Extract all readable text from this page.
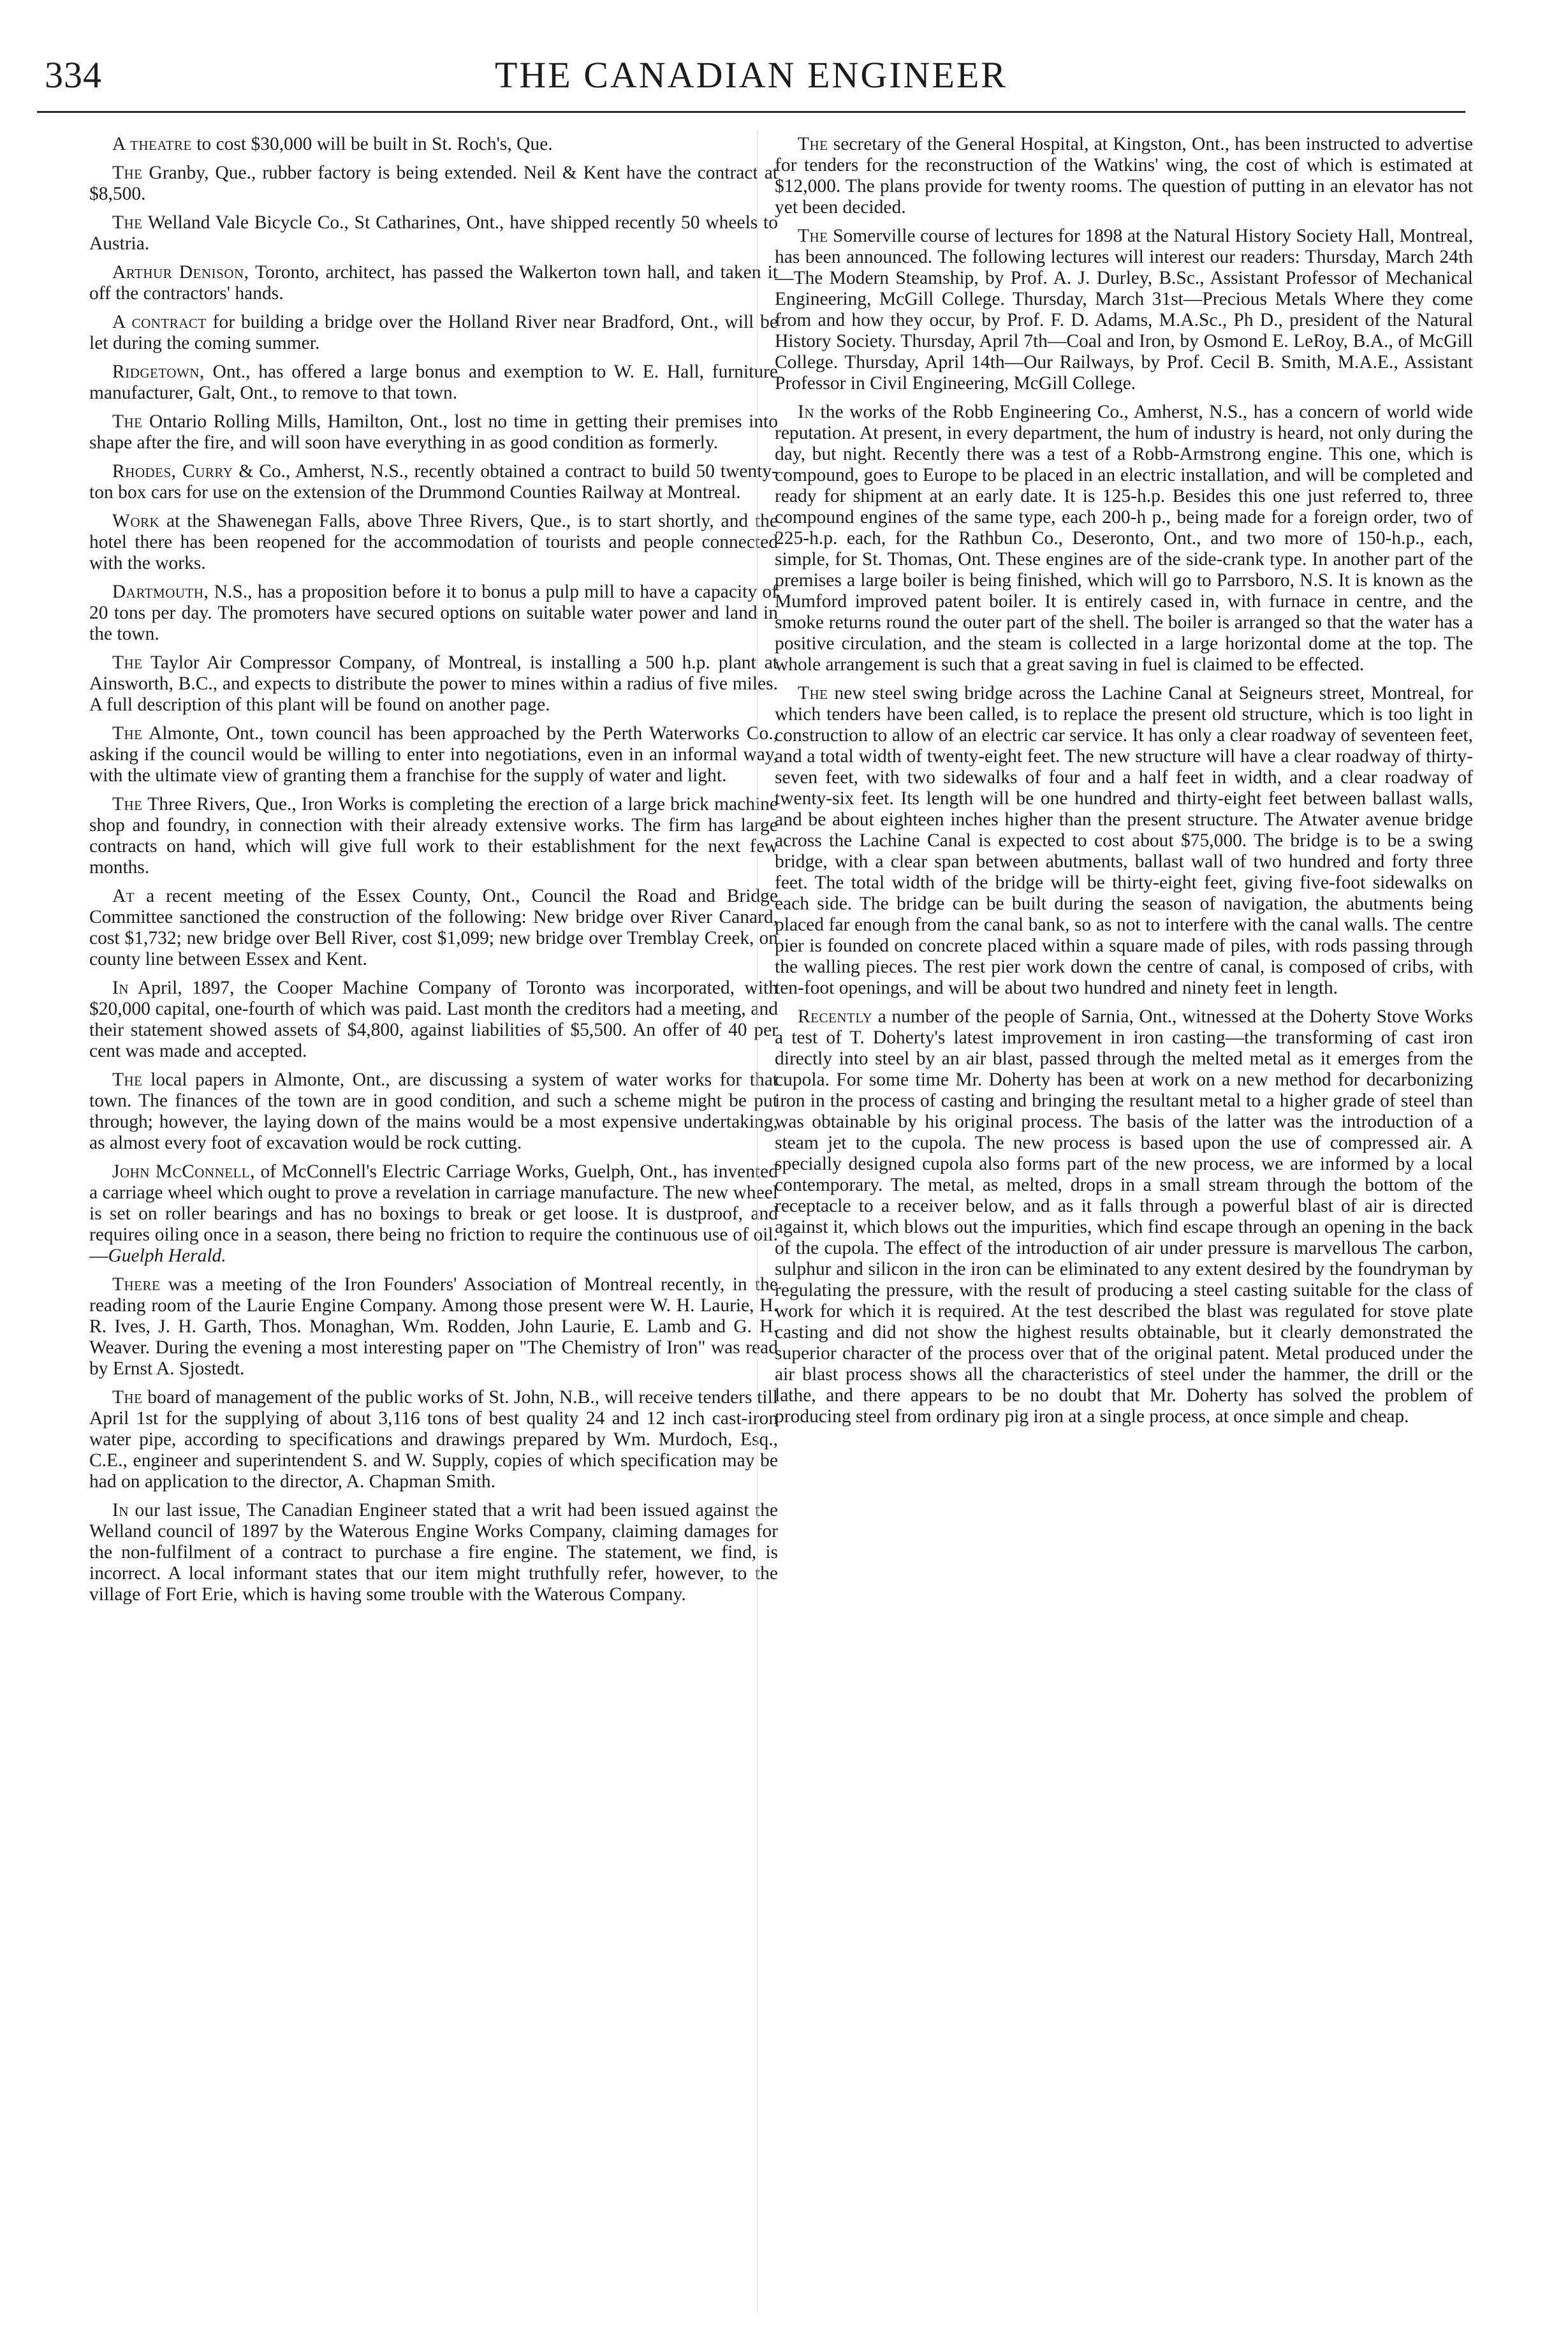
334	THE CANADIAN ENGINEER

A theatre to cost $30,000 will be built in St. Roch's, Que.

The Granby, Que., rubber factory is being extended. Neil & Kent have the contract at $8,500.

The Welland Vale Bicycle Co., St Catharines, Ont., have shipped recently 50 wheels to Austria.

Arthur Denison, Toronto, architect, has passed the Walkerton town hall, and taken it off the contractors' hands.

A contract for building a bridge over the Holland River near Bradford, Ont., will be let during the coming summer.

Ridgetown, Ont., has offered a large bonus and exemption to W. E. Hall, furniture manufacturer, Galt, Ont., to remove to that town.

The Ontario Rolling Mills, Hamilton, Ont., lost no time in getting their premises into shape after the fire, and will soon have everything in as good condition as formerly.

Rhodes, Curry & Co., Amherst, N.S., recently obtained a contract to build 50 twenty-ton box cars for use on the extension of the Drummond Counties Railway at Montreal.

Work at the Shawenegan Falls, above Three Rivers, Que., is to start shortly, and the hotel there has been reopened for the accommodation of tourists and people connected with the works.

Dartmouth, N.S., has a proposition before it to bonus a pulp mill to have a capacity of 20 tons per day. The promoters have secured options on suitable water power and land in the town.

The Taylor Air Compressor Company, of Montreal, is installing a 500 h.p. plant at Ainsworth, B.C., and expects to distribute the power to mines within a radius of five miles. A full description of this plant will be found on another page.

The Almonte, Ont., town council has been approached by the Perth Waterworks Co., asking if the council would be willing to enter into negotiations, even in an informal way, with the ultimate view of granting them a franchise for the supply of water and light.

The Three Rivers, Que., Iron Works is completing the erection of a large brick machine shop and foundry, in connection with their already extensive works. The firm has large contracts on hand, which will give full work to their establishment for the next few months.

At a recent meeting of the Essex County, Ont., Council the Road and Bridge Committee sanctioned the construction of the following: New bridge over River Canard, cost $1,732; new bridge over Bell River, cost $1,099; new bridge over Tremblay Creek, on county line between Essex and Kent.

In April, 1897, the Cooper Machine Company of Toronto was incorporated, with $20,000 capital, one-fourth of which was paid. Last month the creditors had a meeting, and their statement showed assets of $4,800, against liabilities of $5,500. An offer of 40 per cent was made and accepted.

The local papers in Almonte, Ont., are discussing a system of water works for that town. The finances of the town are in good condition, and such a scheme might be put through; however, the laying down of the mains would be a most expensive undertaking, as almost every foot of excavation would be rock cutting.

John McConnell, of McConnell's Electric Carriage Works, Guelph, Ont., has invented a carriage wheel which ought to prove a revelation in carriage manufacture. The new wheel is set on roller bearings and has no boxings to break or get loose. It is dustproof, and requires oiling once in a season, there being no friction to require the continuous use of oil.—Guelph Herald.

There was a meeting of the Iron Founders' Association of Montreal recently, in the reading room of the Laurie Engine Company. Among those present were W. H. Laurie, H. R. Ives, J. H. Garth, Thos. Monaghan, Wm. Rodden, John Laurie, E. Lamb and G. H. Weaver. During the evening a most interesting paper on "The Chemistry of Iron" was read by Ernst A. Sjostedt.

The board of management of the public works of St. John, N.B., will receive tenders till April 1st for the supplying of about 3,116 tons of best quality 24 and 12 inch cast-iron water pipe, according to specifications and drawings prepared by Wm. Murdoch, Esq., C.E., engineer and superintendent S. and W. Supply, copies of which specification may be had on application to the director, A. Chapman Smith.

In our last issue, The Canadian Engineer stated that a writ had been issued against the Welland council of 1897 by the Waterous Engine Works Company, claiming damages for the non-fulfilment of a contract to purchase a fire engine. The statement, we find, is incorrect. A local informant states that our item might truthfully refer, however, to the village of Fort Erie, which is having some trouble with the Waterous Company.

The secretary of the General Hospital, at Kingston, Ont., has been instructed to advertise for tenders for the reconstruction of the Watkins' wing, the cost of which is estimated at $12,000. The plans provide for twenty rooms. The question of putting in an elevator has not yet been decided.

The Somerville course of lectures for 1898 at the Natural History Society Hall, Montreal, has been announced. The following lectures will interest our readers: Thursday, March 24th—The Modern Steamship, by Prof. A. J. Durley, B.Sc., Assistant Professor of Mechanical Engineering, McGill College. Thursday, March 31st—Precious Metals Where they come from and how they occur, by Prof. F. D. Adams, M.A.Sc., Ph D., president of the Natural History Society. Thursday, April 7th—Coal and Iron, by Osmond E. LeRoy, B.A., of McGill College. Thursday, April 14th—Our Railways, by Prof. Cecil B. Smith, M.A.E., Assistant Professor in Civil Engineering, McGill College.

In the works of the Robb Engineering Co., Amherst, N.S., has a concern of world wide reputation. At present, in every department, the hum of industry is heard, not only during the day, but night. Recently there was a test of a Robb-Armstrong engine. This one, which is compound, goes to Europe to be placed in an electric installation, and will be completed and ready for shipment at an early date. It is 125-h.p. Besides this one just referred to, three compound engines of the same type, each 200-h p., being made for a foreign order, two of 225-h.p. each, for the Rathbun Co., Deseronto, Ont., and two more of 150-h.p., each, simple, for St. Thomas, Ont. These engines are of the side-crank type. In another part of the premises a large boiler is being finished, which will go to Parrsboro, N.S. It is known as the Mumford improved patent boiler. It is entirely cased in, with furnace in centre, and the smoke returns round the outer part of the shell. The boiler is arranged so that the water has a positive circulation, and the steam is collected in a large horizontal dome at the top. The whole arrangement is such that a great saving in fuel is claimed to be effected.

The new steel swing bridge across the Lachine Canal at Seigneurs street, Montreal, for which tenders have been called, is to replace the present old structure, which is too light in construction to allow of an electric car service. It has only a clear roadway of seventeen feet, and a total width of twenty-eight feet. The new structure will have a clear roadway of thirty-seven feet, with two sidewalks of four and a half feet in width, and a clear roadway of twenty-six feet. Its length will be one hundred and thirty-eight feet between ballast walls, and be about eighteen inches higher than the present structure. The Atwater avenue bridge across the Lachine Canal is expected to cost about $75,000. The bridge is to be a swing bridge, with a clear span between abutments, ballast wall of two hundred and forty three feet. The total width of the bridge will be thirty-eight feet, giving five-foot sidewalks on each side. The bridge can be built during the season of navigation, the abutments being placed far enough from the canal bank, so as not to interfere with the canal walls. The centre pier is founded on concrete placed within a square made of piles, with rods passing through the walling pieces. The rest pier work down the centre of canal, is composed of cribs, with ten-foot openings, and will be about two hundred and ninety feet in length.

Recently a number of the people of Sarnia, Ont., witnessed at the Doherty Stove Works a test of T. Doherty's latest improvement in iron casting—the transforming of cast iron directly into steel by an air blast, passed through the melted metal as it emerges from the cupola. For some time Mr. Doherty has been at work on a new method for decarbonizing iron in the process of casting and bringing the resultant metal to a higher grade of steel than was obtainable by his original process. The basis of the latter was the introduction of a steam jet to the cupola. The new process is based upon the use of compressed air. A specially designed cupola also forms part of the new process, we are informed by a local contemporary. The metal, as melted, drops in a small stream through the bottom of the receptacle to a receiver below, and as it falls through a powerful blast of air is directed against it, which blows out the impurities, which find escape through an opening in the back of the cupola. The effect of the introduction of air under pressure is marvellous The carbon, sulphur and silicon in the iron can be eliminated to any extent desired by the foundryman by regulating the pressure, with the result of producing a steel casting suitable for the class of work for which it is required. At the test described the blast was regulated for stove plate casting and did not show the highest results obtainable, but it clearly demonstrated the superior character of the process over that of the original patent. Metal produced under the air blast process shows all the characteristics of steel under the hammer, the drill or the lathe, and there appears to be no doubt that Mr. Doherty has solved the problem of producing steel from ordinary pig iron at a single process, at once simple and cheap.
